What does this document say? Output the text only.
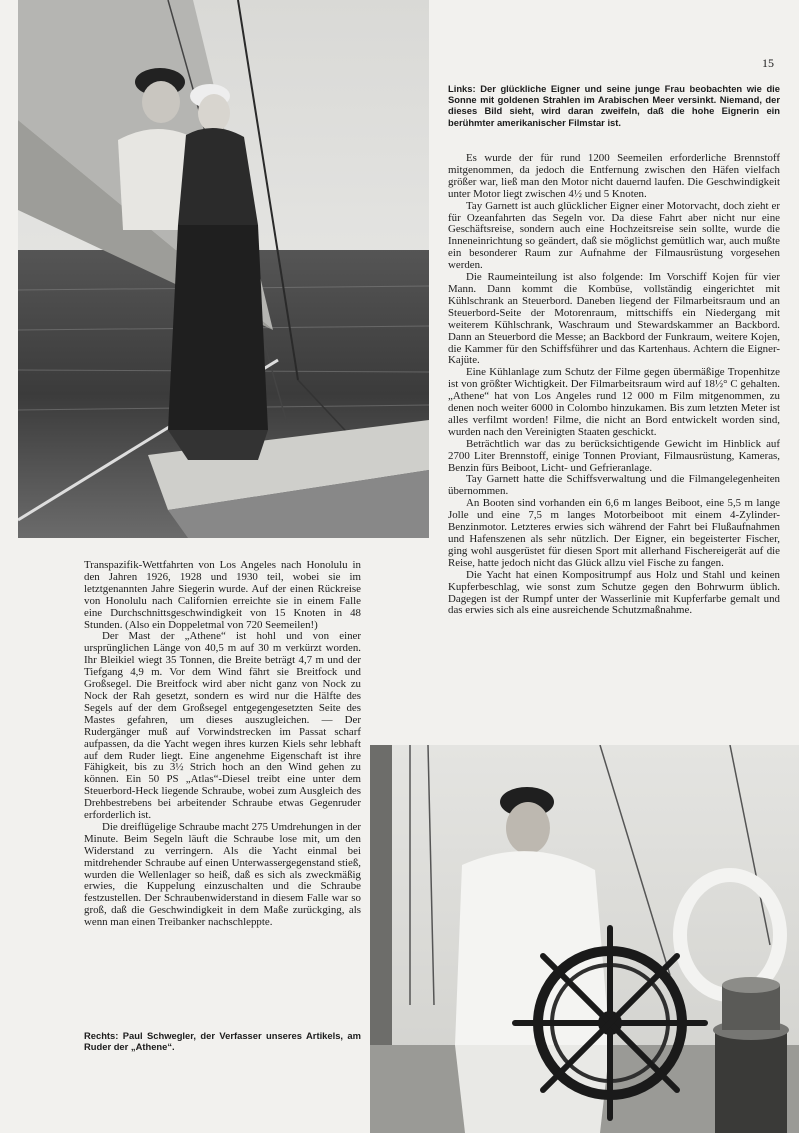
15
Links: Der glückliche Eigner und seine junge Frau beobachten wie die Sonne mit goldenen Strahlen im Arabischen Meer versinkt. Niemand, der dieses Bild sieht, wird daran zweifeln, daß die hohe Eignerin ein berühmter amerikanischer Filmstar ist.

Es wurde der für rund 1200 Seemeilen erforderliche Brennstoff mitgenommen, da jedoch die Entfernung zwischen den Häfen vielfach größer war, ließ man den Motor nicht dauernd laufen. Die Geschwindigkeit unter Motor liegt zwischen 4½ und 5 Knoten.

Tay Garnett ist auch glücklicher Eigner einer Motorvacht, doch zieht er für Ozeanfahrten das Segeln vor. Da diese Fahrt aber nicht nur eine Geschäftsreise, sondern auch eine Hochzeitsreise sein sollte, wurde die Inneneinrichtung so geändert, daß sie möglichst gemütlich war, auch mußte ein besonderer Raum zur Aufnahme der Filmausrüstung vorgesehen werden.

Die Raumeinteilung ist also folgende: Im Vorschiff Kojen für vier Mann. Dann kommt die Kombüse, vollständig eingerichtet mit Kühlschrank an Steuerbord. Daneben liegend der Filmarbeitsraum und an Steuerbord-Seite der Motorenraum, mittschiffs ein Niedergang mit weiterem Kühlschrank, Waschraum und Stewardskammer an Backbord. Dann an Steuerbord die Messe; an Backbord der Funkraum, weitere Kojen, die Kammer für den Schiffsführer und das Kartenhaus. Achtern die Eigner-Kajüte.

Eine Kühlanlage zum Schutz der Filme gegen übermäßige Tropenhitze ist von größter Wichtigkeit. Der Filmarbeitsraum wird auf 18½° C gehalten. „Athene“ hat von Los Angeles rund 12 000 m Film mitgenommen, zu denen noch weiter 6000 in Colombo hinzukamen. Bis zum letzten Meter ist alles verfilmt worden! Filme, die nicht an Bord entwickelt worden sind, wurden nach den Vereinigten Staaten geschickt.

Beträchtlich war das zu berücksichtigende Gewicht im Hinblick auf 2700 Liter Brennstoff, einige Tonnen Proviant, Filmausrüstung, Kameras, Benzin fürs Beiboot, Licht- und Gefrieranlage.

Tay Garnett hatte die Schiffsverwaltung und die Filmangelegenheiten übernommen.

An Booten sind vorhanden ein 6,6 m langes Beiboot, eine 5,5 m lange Jolle und eine 7,5 m langes Motorbeiboot mit einem 4-Zylinder-Benzinmotor. Letzteres erwies sich während der Fahrt bei Flußaufnahmen und Hafenszenen als sehr nützlich. Der Eigner, ein begeisterter Fischer, ging wohl ausgerüstet für diesen Sport mit allerhand Fischereigerät auf die Reise, hatte jedoch nicht das Glück allzu viel Fische zu fangen.

Die Yacht hat einen Kompositrumpf aus Holz und Stahl und keinen Kupferbeschlag, wie sonst zum Schutze gegen den Bohrwurm üblich. Dagegen ist der Rumpf unter der Wasserlinie mit Kupferfarbe gemalt und das erwies sich als eine ausreichende Schutzmaßnahme.

Transpazifik-Wettfahrten von Los Angeles nach Honolulu in den Jahren 1926, 1928 und 1930 teil, wobei sie im letztgenannten Jahre Siegerin wurde. Auf der einen Rückreise von Honolulu nach Californien erreichte sie in einem Falle eine Durchschnittsgeschwindigkeit von 15 Knoten in 48 Stunden. (Also ein Doppeletmal von 720 Seemeilen!)

Der Mast der „Athene“ ist hohl und von einer ursprünglichen Länge von 40,5 m auf 30 m verkürzt worden. Ihr Bleikiel wiegt 35 Tonnen, die Breite beträgt 4,7 m und der Tiefgang 4,9 m. Vor dem Wind fährt sie Breitfock und Großsegel. Die Breitfock wird aber nicht ganz von Nock zu Nock der Rah gesetzt, sondern es wird nur die Hälfte des Segels auf der dem Großsegel entgegengesetzten Seite des Mastes gefahren, um dieses auszugleichen. — Der Rudergänger muß auf Vorwindstrecken im Passat scharf aufpassen, da die Yacht wegen ihres kurzen Kiels sehr lebhaft auf dem Ruder liegt. Eine angenehme Eigenschaft ist ihre Fähigkeit, bis zu 3½ Strich hoch an den Wind gehen zu können. Ein 50 PS „Atlas“-Diesel treibt eine unter dem Steuerbord-Heck liegende Schraube, wobei zum Ausgleich des Drehbestrebens bei arbeitender Schraube etwas Gegenruder erforderlich ist.

Die dreiflügelige Schraube macht 275 Umdrehungen in der Minute. Beim Segeln läuft die Schraube lose mit, um den Widerstand zu verringern. Als die Yacht einmal bei mitdrehender Schraube auf einen Unterwassergegenstand stieß, wurden die Wellenlager so heiß, daß es sich als zweckmäßig erwies, die Kuppelung einzuschalten und die Schraube festzustellen. Der Schraubenwiderstand in diesem Falle war so groß, daß die Geschwindigkeit in dem Maße zurückging, als wenn man einen Treibanker nachschleppte.

Rechts: Paul Schwegler, der Verfasser unseres Artikels, am Ruder der „Athene“.
